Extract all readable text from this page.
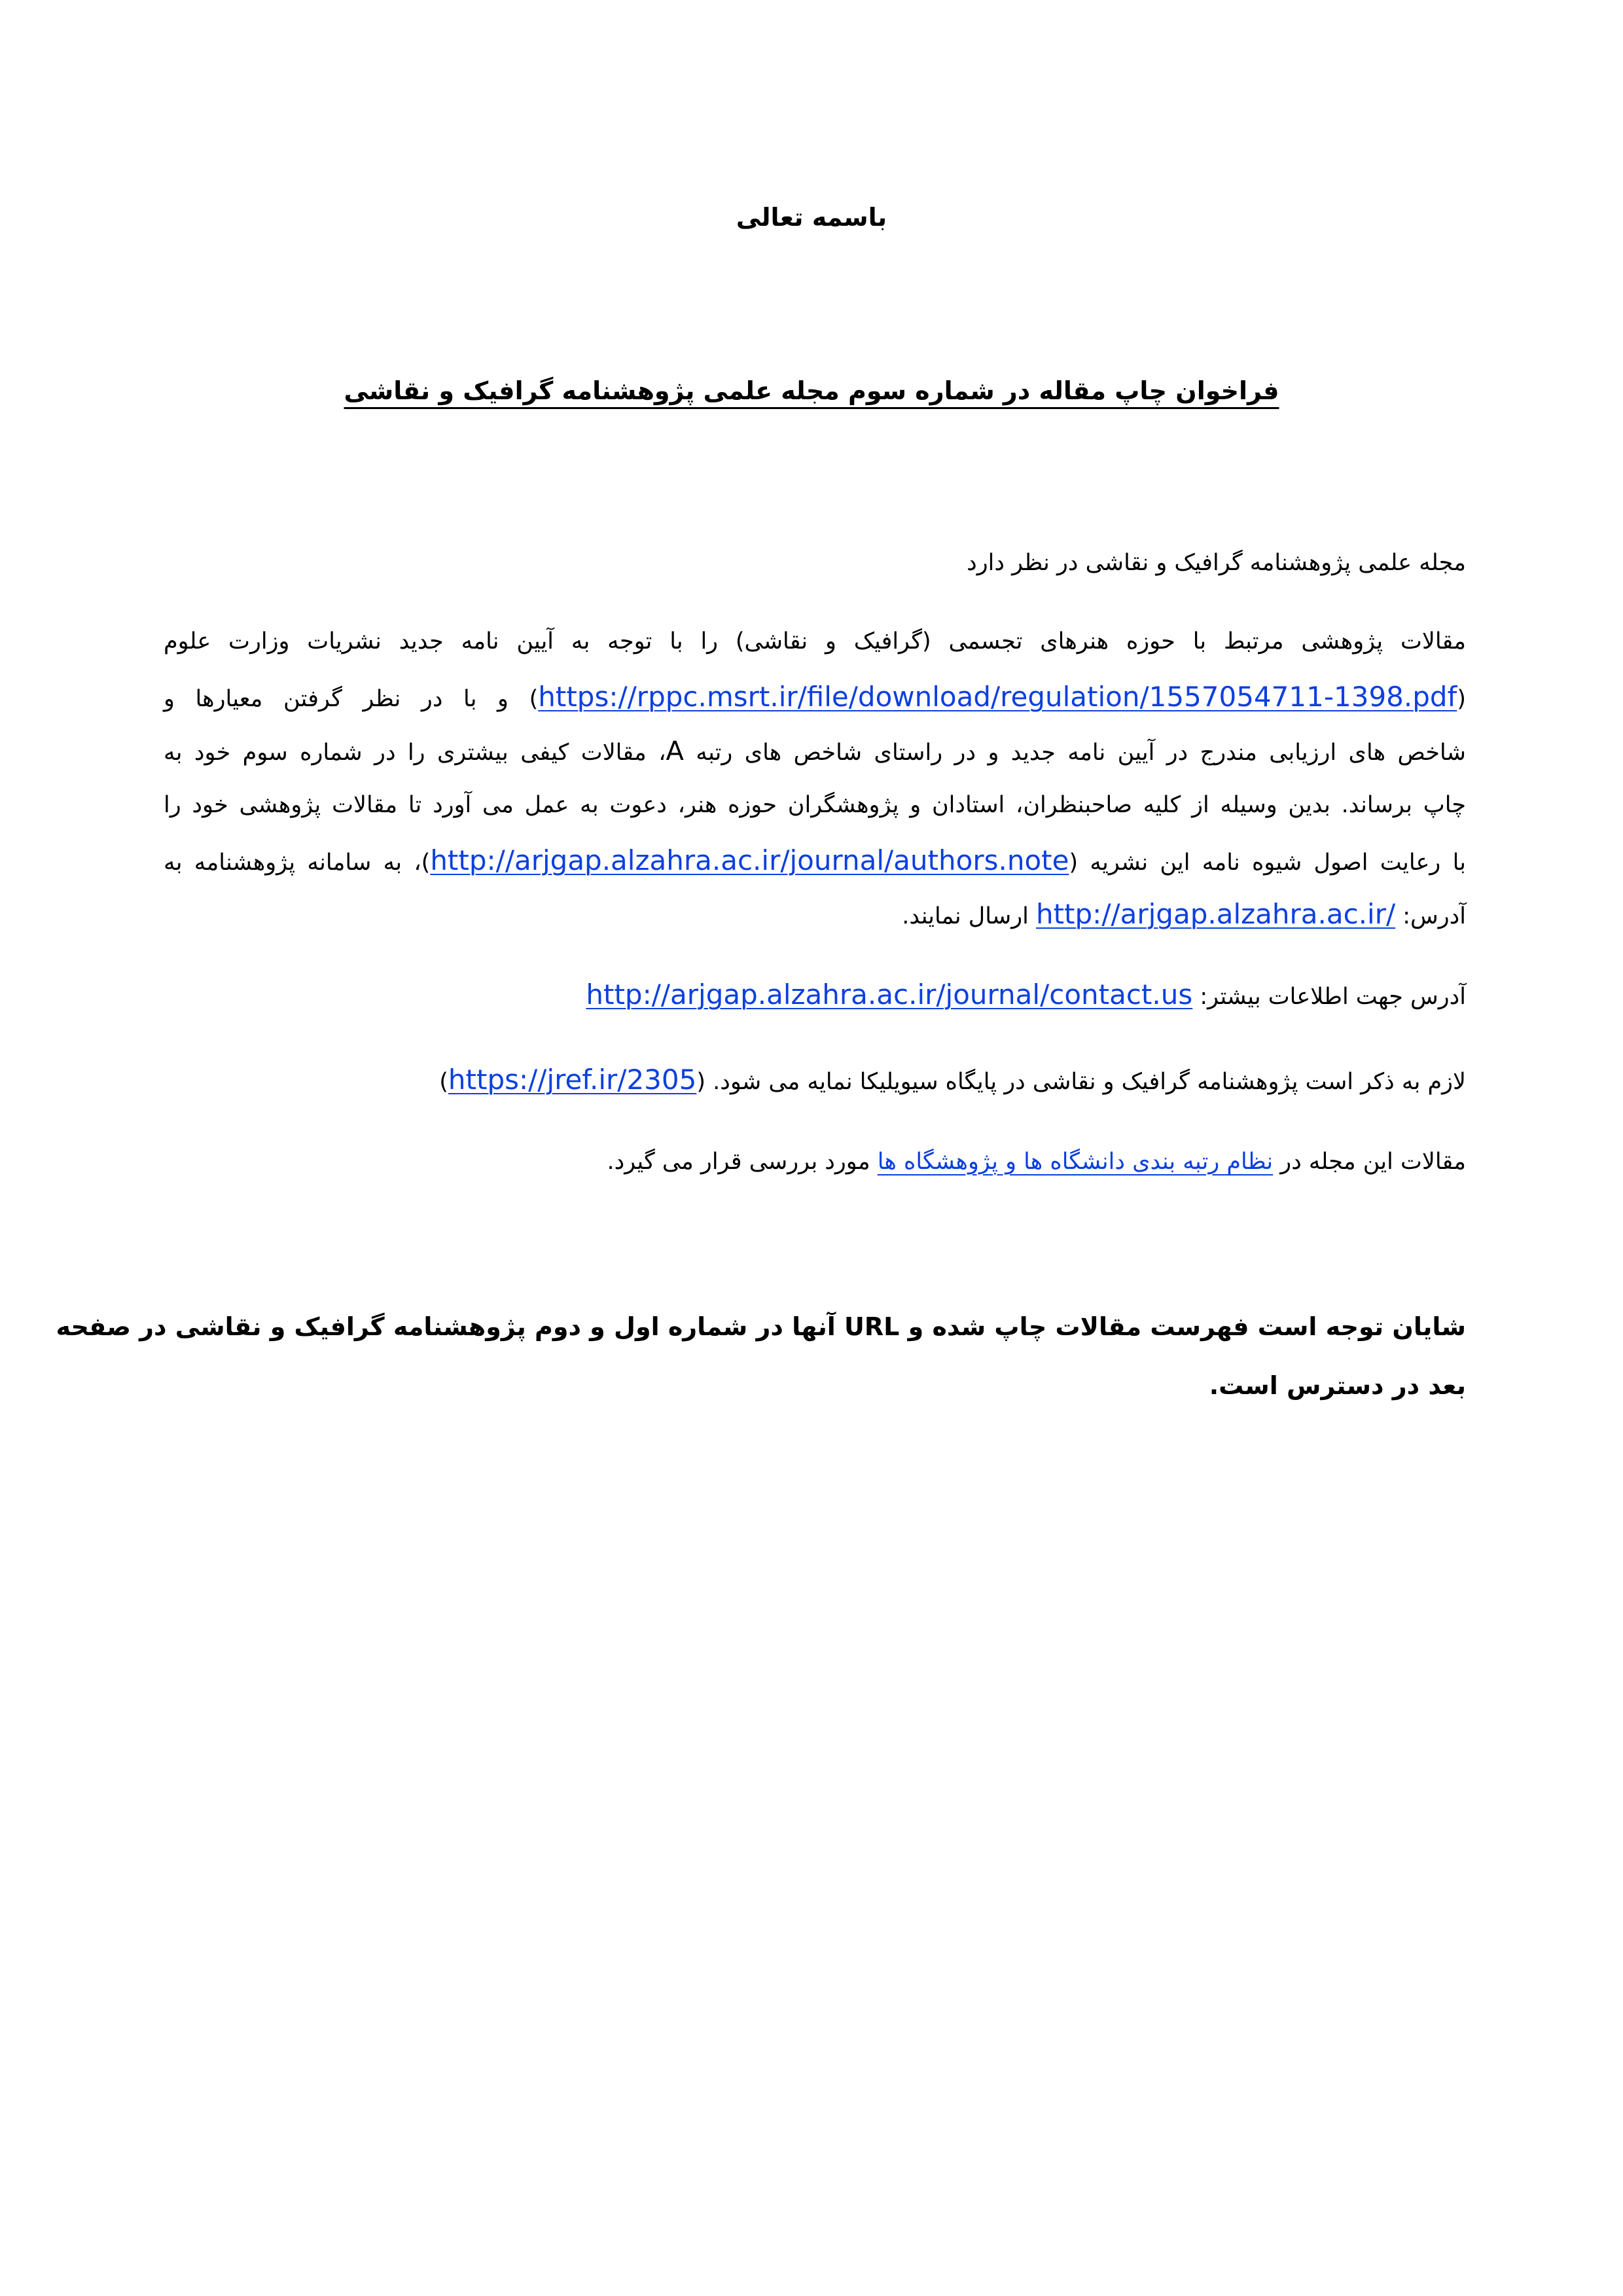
باسمه تعالی
فراخوان چاپ مقاله در شماره سوم مجله علمی پژوهشنامه گرافیک و نقاشی
مجله علمی پژوهشنامه گرافیک و نقاشی در نظر دارد
مقالات پژوهشی مرتبط با حوزه هنرهای تجسمی (گرافیک و نقاشی) را با توجه به آیین نامه جدید نشریات وزارت علوم
(https://rppc.msrt.ir/file/download/regulation/1557054711-1398.pdf) و با در نظر گرفتن معیارها و
شاخص های ارزیابی مندرج در آیین نامه جدید و در راستای شاخص های رتبه A، مقالات کیفی بیشتری را در شماره سوم خود به
چاپ برساند. بدین وسیله از کلیه صاحبنظران، استادان و پژوهشگران حوزه هنر، دعوت به عمل می آورد تا مقالات پژوهشی خود را
با رعایت اصول شیوه نامه این نشریه (http://arjgap.alzahra.ac.ir/journal/authors.note)، به سامانه پژوهشنامه به
آدرس: http://arjgap.alzahra.ac.ir/ ارسال نمایند.
آدرس جهت اطلاعات بیشتر: http://arjgap.alzahra.ac.ir/journal/contact.us
لازم به ذکر است پژوهشنامه گرافیک و نقاشی در پایگاه سیویلیکا نمایه می شود. (https://jref.ir/2305)
مقالات این مجله در نظام رتبه بندی دانشگاه ها و پژوهشگاه ها مورد بررسی قرار می گیرد.
شایان توجه است فهرست مقالات چاپ شده و URL آنها در شماره اول و دوم پژوهشنامه گرافیک و نقاشی در صفحه
بعد در دسترس است.
